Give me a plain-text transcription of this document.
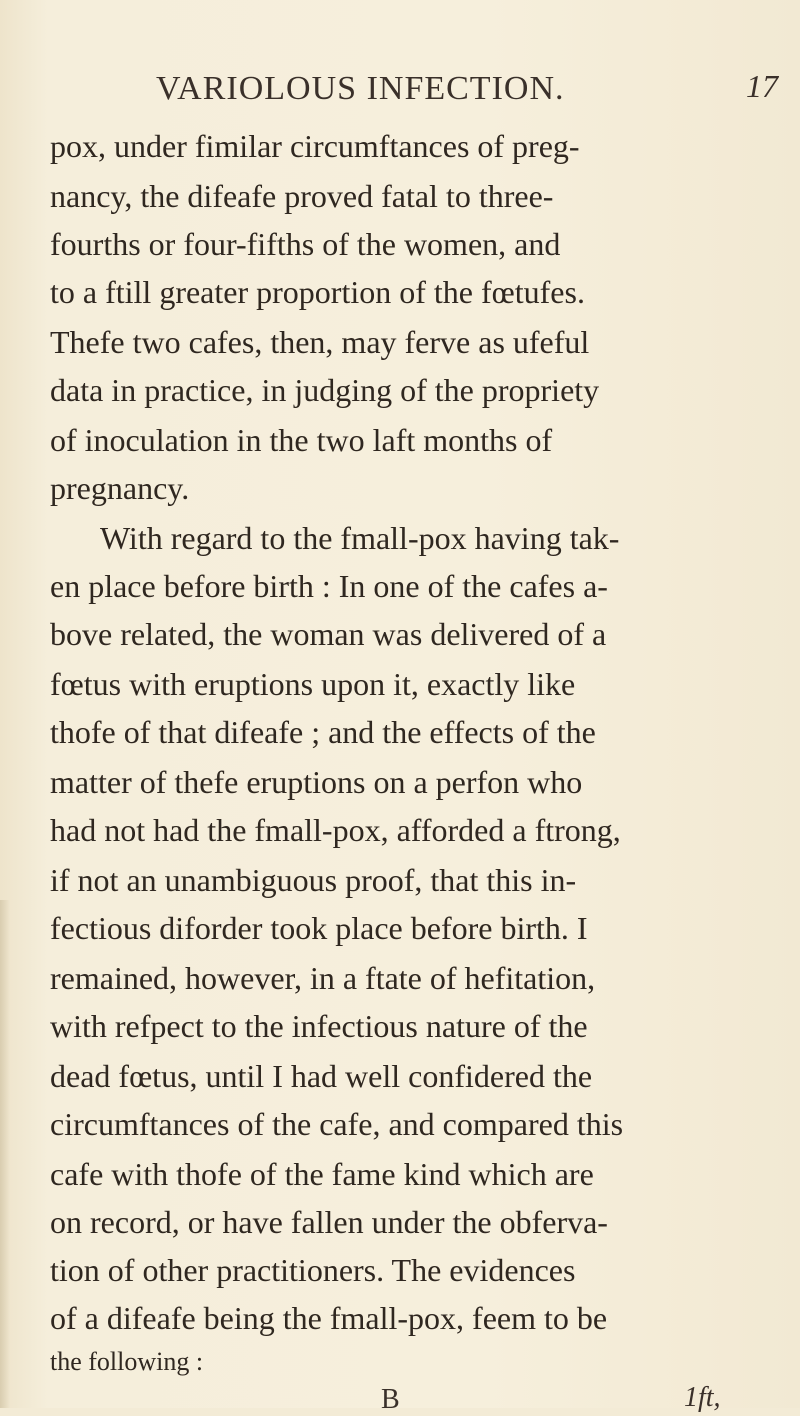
VARIOLOUS INFECTION.	17
pox, under fimilar circumftances of preg-
nancy, the difeafe proved fatal to three-
fourths or four-fifths of the women, and
to a ftill greater proportion of the fœtufes.
Thefe two cafes, then, may ferve as ufeful
data in practice, in judging of the propriety
of inoculation in the two laft months of
pregnancy.
With regard to the fmall-pox having tak-
en place before birth : In one of the cafes a-
bove related, the woman was delivered of a
fœtus with eruptions upon it, exactly like
thofe of that difeafe ; and the effects of the
matter of thefe eruptions on a perfon who
had not had the fmall-pox, afforded a ftrong,
if not an unambiguous proof, that this in-
fectious diforder took place before birth. I
remained, however, in a ftate of hefitation,
with refpect to the infectious nature of the
dead fœtus, until I had well confidered the
circumftances of the cafe, and compared this
cafe with thofe of the fame kind which are
on record, or have fallen under the obferva-
tion of other practitioners. The evidences
of a difeafe being the fmall-pox, feem to be
the following :
B	1ft,
